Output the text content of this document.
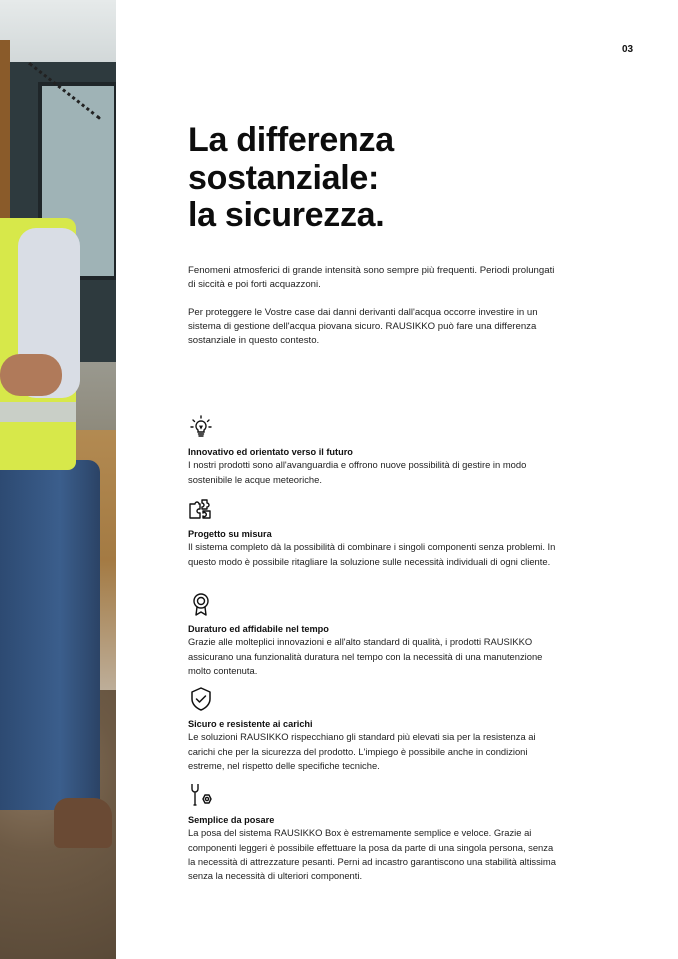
03
La differenza
sostanziale:
la sicurezza.

Fenomeni atmosferici di grande intensità sono sempre più frequenti. Periodi prolungati di siccità e poi forti acquazzoni.

Per proteggere le Vostre case dai danni derivanti dall'acqua occorre investire in un sistema di gestione dell'acqua piovana sicuro. RAUSIKKO può fare una differenza sostanziale in questo contesto.

Innovativo ed orientato verso il futuro

I nostri prodotti sono all'avanguardia e offrono nuove possibilità di gestire in modo sostenibile le acque meteoriche.

Progetto su misura

Il sistema completo dà la possibilità di combinare i singoli componenti senza problemi. In questo modo è possibile ritagliare la soluzione sulle necessità individuali di ogni cliente.

Duraturo ed affidabile nel tempo

Grazie alle molteplici innovazioni e all'alto standard di qualità, i prodotti RAUSIKKO assicurano una funzionalità duratura nel tempo con la necessità di una manutenzione molto contenuta.

Sicuro e resistente ai carichi

Le soluzioni RAUSIKKO rispecchiano gli standard più elevati sia per la resistenza ai carichi che per la sicurezza del prodotto. L'impiego è possibile anche in condizioni estreme, nel rispetto delle specifiche tecniche.

Semplice da posare

La posa del sistema RAUSIKKO Box è estremamente semplice e veloce. Grazie ai componenti leggeri è possibile effettuare la posa da parte di una singola persona, senza la necessità di attrezzature pesanti. Perni ad incastro garantiscono una stabilità altissima senza la necessità di ulteriori componenti.
